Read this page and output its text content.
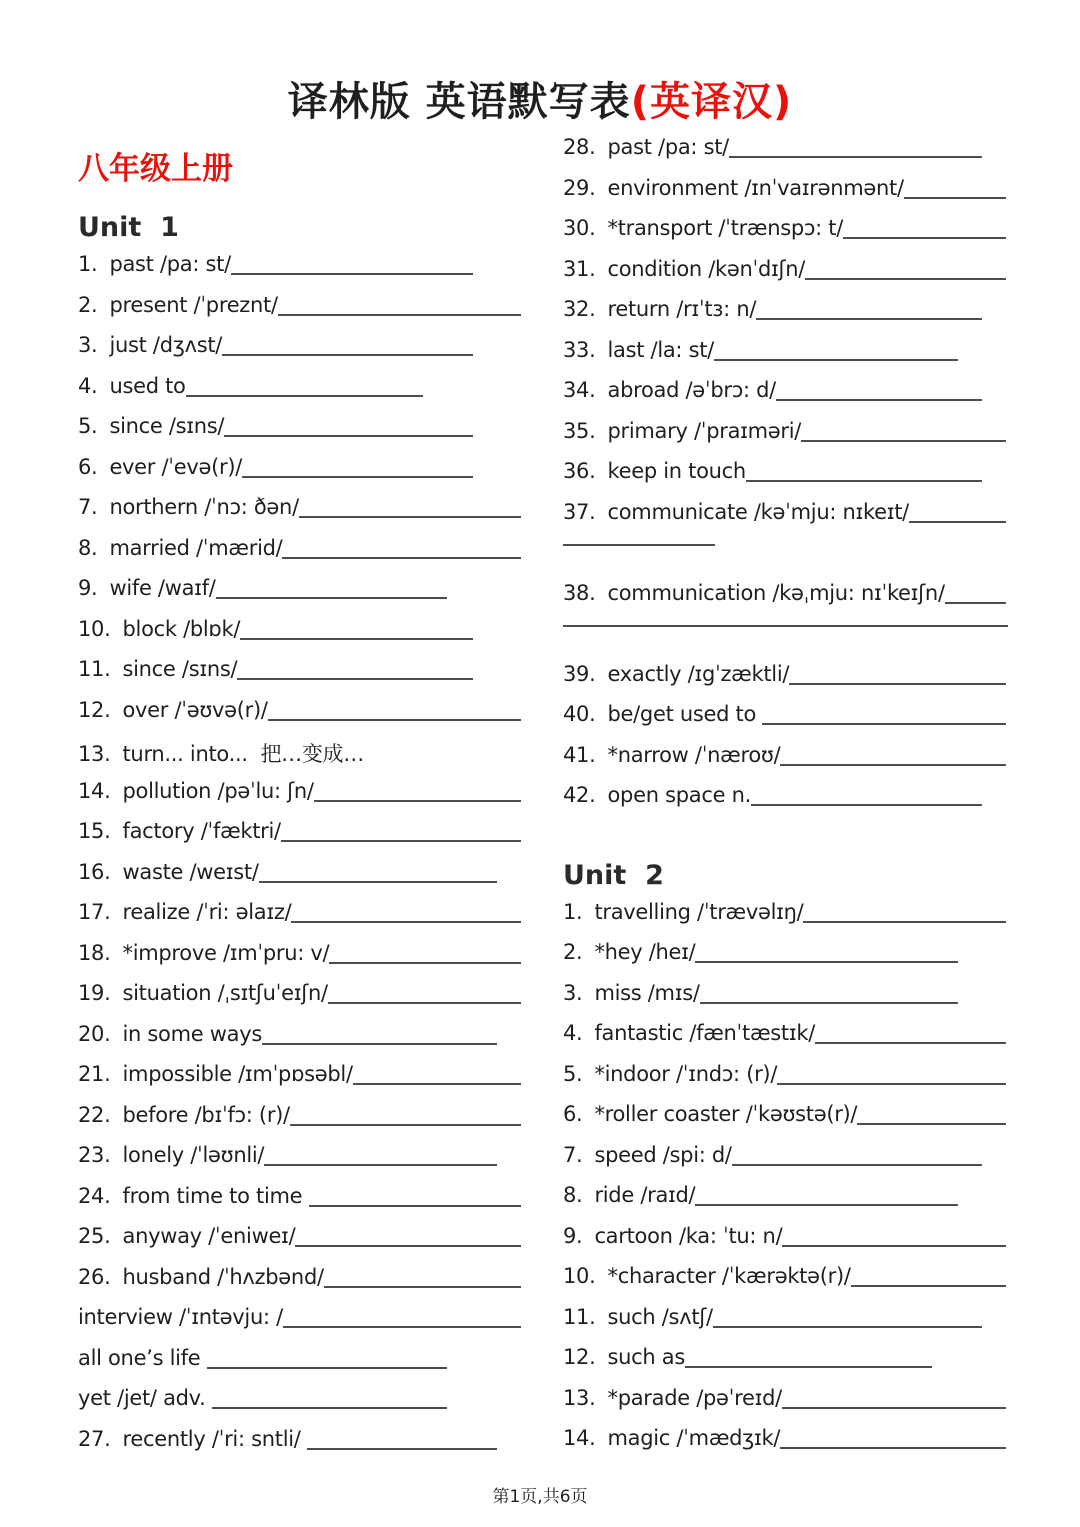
译林版 英语默写表(英译汉)
八年级上册
Unit  1
1. past /pa: st/
2. present /ˈpreznt/
3. just /dʒʌst/
4. used to
5. since /sɪns/
6. ever /ˈevə(r)/
7. northern /ˈnɔ: ðən/
8. married /ˈmærid/
9. wife /waɪf/
10. block /blɒk/
11. since /sɪns/
12. over /ˈəʊvə(r)/
13. turn... into...  把…变成…
14. pollution /pəˈlu: ʃn/
15. factory /ˈfæktri/
16. waste /weɪst/
17. realize /ˈri: əlaɪz/
18. *improve /ɪmˈpru: v/
19. situation /ˌsɪtʃuˈeɪʃn/
20. in some ways
21. impossible /ɪmˈpɒsəbl/
22. before /bɪˈfɔ: (r)/
23. lonely /ˈləʊnli/
24. from time to time
25. anyway /ˈeniweɪ/
26. husband /ˈhʌzbənd/
interview /ˈɪntəvju: /
all one’s life
yet /jet/ adv.
27. recently /ˈri: sntli/
28. past /pa: st/
29. environment /ɪnˈvaɪrənmənt/
30. *transport /ˈtrænspɔ: t/
31. condition /kənˈdɪʃn/
32. return /rɪˈtɜ: n/
33. last /la: st/
34. abroad /əˈbrɔ: d/
35. primary /ˈpraɪməri/
36. keep in touch
37. communicate /kəˈmju: nɪkeɪt/
38. communication /kəˌmju: nɪˈkeɪʃn/
39. exactly /ɪgˈzæktli/
40. be/get used to
41. *narrow /ˈnæroʊ/
42. open space n.
Unit  2
1. travelling /ˈtrævəlɪŋ/
2. *hey /heɪ/
3. miss /mɪs/
4. fantastic /fænˈtæstɪk/
5. *indoor /ˈɪndɔ: (r)/
6. *roller coaster /ˈkəʊstə(r)/
7. speed /spi: d/
8. ride /raɪd/
9. cartoon /ka: ˈtu: n/
10. *character /ˈkærəktə(r)/
11. such /sʌtʃ/
12. such as
13. *parade /pəˈreɪd/
14. magic /ˈmædʒɪk/
第1页,共6页
